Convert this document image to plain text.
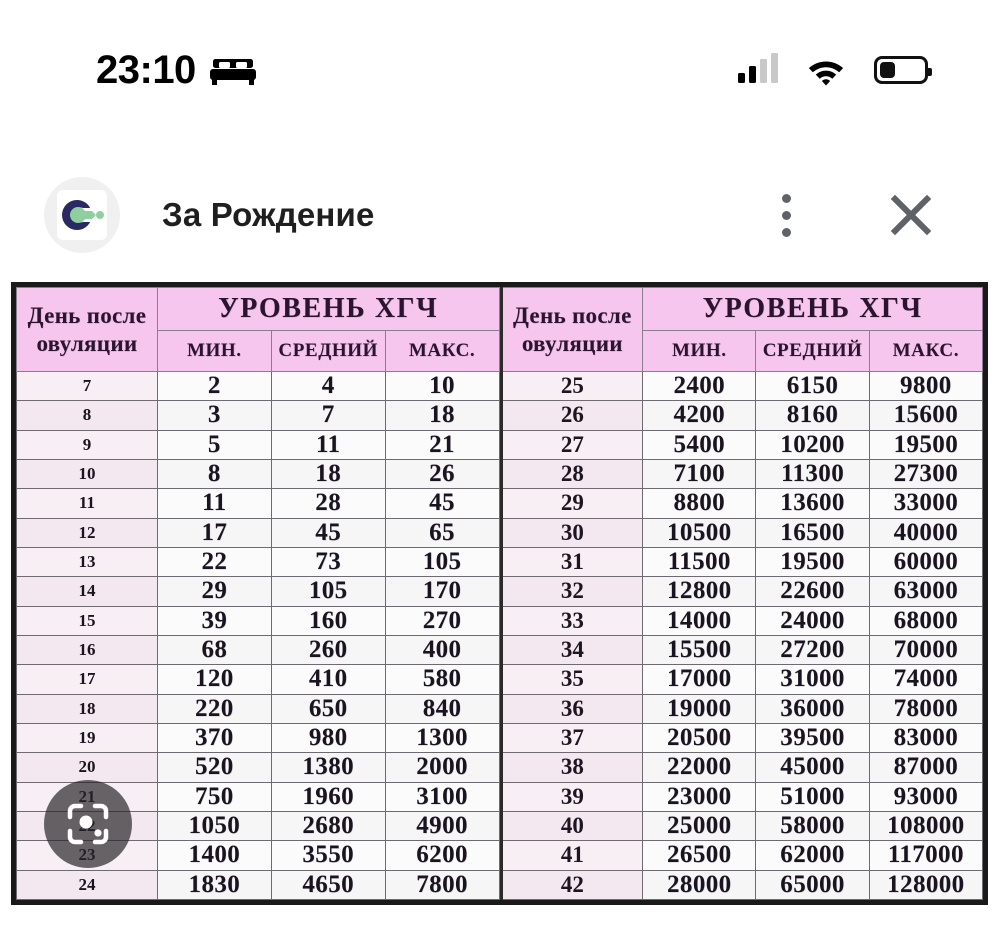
23:10
За Рождение
День после
овуляции	УРОВЕНЬ ХГЧ		
	МИН.	СРЕДНИЙ	МАКС.
7	2	4	10
8	3	7	18
9	5	11	21
10	8	18	26
11	11	28	45
12	17	45	65
13	22	73	105
14	29	105	170
15	39	160	270
16	68	260	400
17	120	410	580
18	220	650	840
19	370	980	1300
20	520	1380	2000
	750	1960	3100
	1050	2680	4900
	1400	3550	6200
24	1830	4650	7800
День после
овуляции	УРОВЕНЬ ХГЧ		
	МИН.	СРЕДНИЙ	МАКС.
25	2400	6150	9800
26	4200	8160	15600
27	5400	10200	19500
28	7100	11300	27300
29	8800	13600	33000
30	10500	16500	40000
31	11500	19500	60000
32	12800	22600	63000
33	14000	24000	68000
34	15500	27200	70000
35	17000	31000	74000
36	19000	36000	78000
37	20500	39500	83000
38	22000	45000	87000
39	23000	51000	93000
40	25000	58000	108000
41	26500	62000	117000
42	28000	65000	128000
